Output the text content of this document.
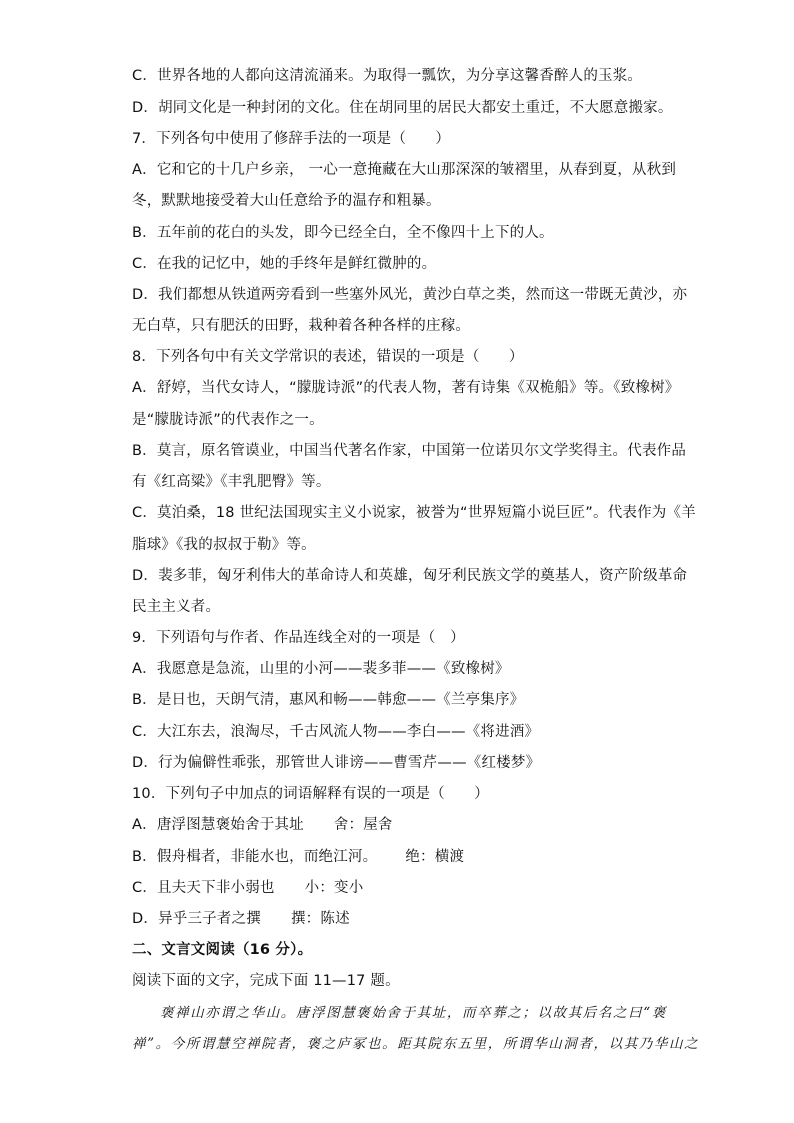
C．世界各地的人都向这清流涌来。为取得一瓢饮，为分享这馨香醉人的玉浆。
D．胡同文化是一种封闭的文化。住在胡同里的居民大都安土重迁，不大愿意搬家。
7．下列各句中使用了修辞手法的一项是（　　）
A．它和它的十几户乡亲， 一心一意掩藏在大山那深深的皱褶里，从春到夏，从秋到
冬，默默地接受着大山任意给予的温存和粗暴。
B．五年前的花白的头发，即今已经全白，全不像四十上下的人。
C．在我的记忆中，她的手终年是鲜红微肿的。
D．我们都想从铁道两旁看到一些塞外风光，黄沙白草之类，然而这一带既无黄沙，亦
无白草，只有肥沃的田野，栽种着各种各样的庄稼。
8．下列各句中有关文学常识的表述，错误的一项是（　　）
A．舒婷，当代女诗人，“朦胧诗派”的代表人物，著有诗集《双桅船》等。《致橡树》
是“朦胧诗派”的代表作之一。
B．莫言，原名管谟业，中国当代著名作家，中国第一位诺贝尔文学奖得主。代表作品
有《红高粱》《丰乳肥臀》等。
C．莫泊桑，18 世纪法国现实主义小说家，被誉为“世界短篇小说巨匠”。代表作为《羊
脂球》《我的叔叔于勒》等。
D．裴多菲，匈牙利伟大的革命诗人和英雄，匈牙利民族文学的奠基人，资产阶级革命
民主主义者。
9．下列语句与作者、作品连线全对的一项是（　）
A．我愿意是急流，山里的小河——裴多菲——《致橡树》
B．是日也，天朗气清，惠风和畅——韩愈——《兰亭集序》
C．大江东去，浪淘尽，千古风流人物——李白——《将进酒》
D．行为偏僻性乖张，那管世人诽谤——曹雪芹——《红楼梦》
10．下列句子中加点的词语解释有误的一项是（　　）
A．唐浮图慧褒始舍于其址 舍：屋舍
B．假舟楫者，非能水也，而绝江河。 绝：横渡
C．且夫天下非小弱也 小：变小
D．异乎三子者之撰 撰：陈述
二、文言文阅读（16 分）。
阅读下面的文字，完成下面 11—17 题。
褒禅山亦谓之华山。唐浮图慧褒始舍于其址，而卒葬之；以故其后名之曰“褒
禅”。今所谓慧空禅院者，褒之庐冢也。距其院东五里，所谓华山洞者，以其乃华山之
